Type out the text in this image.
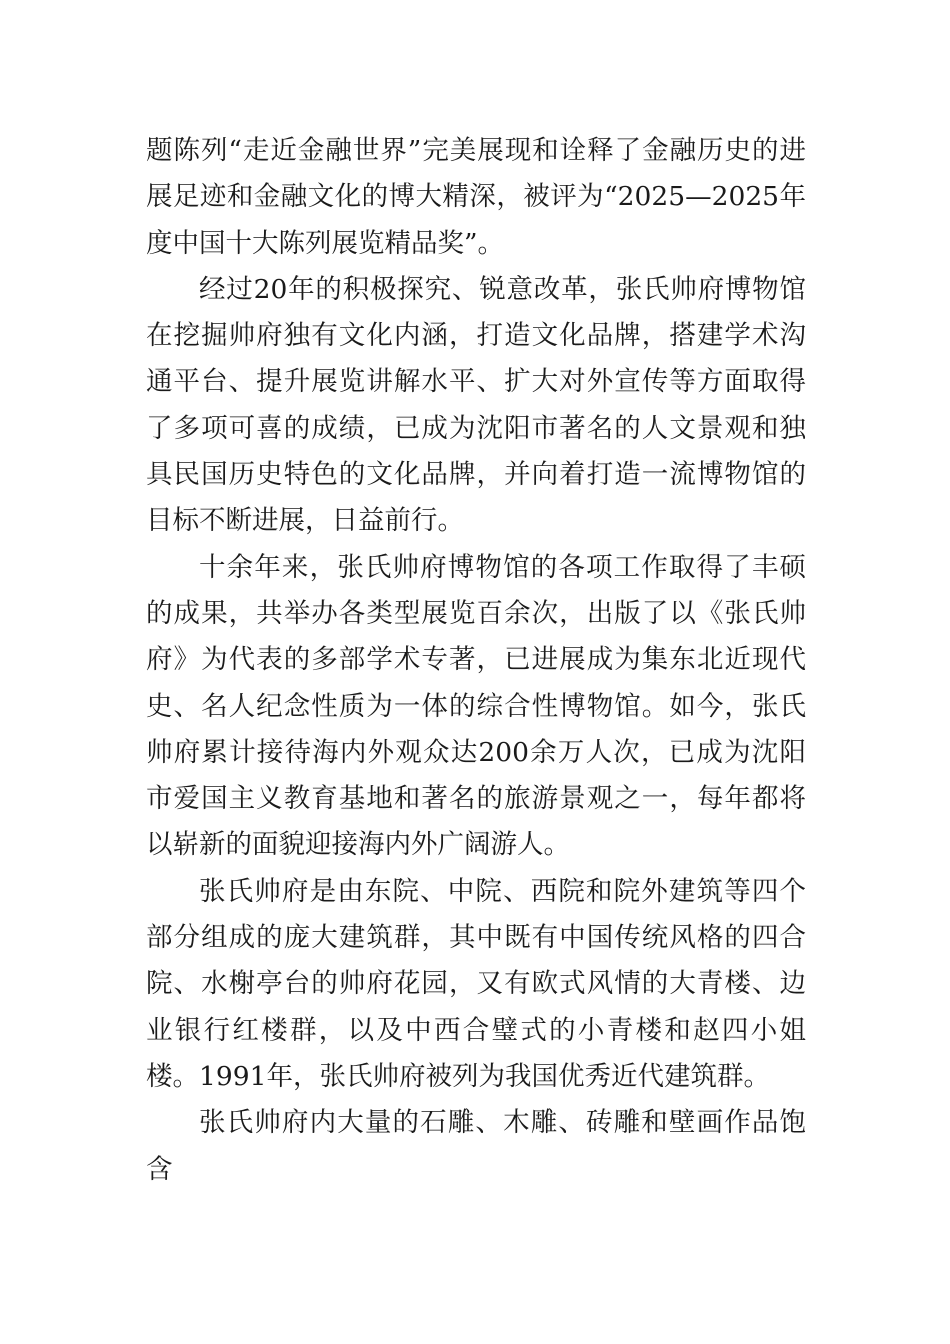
题陈列“走近金融世界”完美展现和诠释了金融历史的进展足迹和金融文化的博大精深，被评为“2025—2025年度中国十大陈列展览精品奖”。

经过20年的积极探究、锐意改革，张氏帅府博物馆在挖掘帅府独有文化内涵，打造文化品牌，搭建学术沟通平台、提升展览讲解水平、扩大对外宣传等方面取得了多项可喜的成绩，已成为沈阳市著名的人文景观和独具民国历史特色的文化品牌，并向着打造一流博物馆的目标不断进展，日益前行。

十余年来，张氏帅府博物馆的各项工作取得了丰硕的成果，共举办各类型展览百余次，出版了以《张氏帅府》为代表的多部学术专著，已进展成为集东北近现代史、名人纪念性质为一体的综合性博物馆。如今，张氏帅府累计接待海内外观众达200余万人次，已成为沈阳市爱国主义教育基地和著名的旅游景观之一，每年都将以崭新的面貌迎接海内外广阔游人。

张氏帅府是由东院、中院、西院和院外建筑等四个部分组成的庞大建筑群，其中既有中国传统风格的四合院、水榭亭台的帅府花园，又有欧式风情的大青楼、边业银行红楼群，以及中西合璧式的小青楼和赵四小姐楼。1991年，张氏帅府被列为我国优秀近代建筑群。

张氏帅府内大量的石雕、木雕、砖雕和壁画作品饱含
